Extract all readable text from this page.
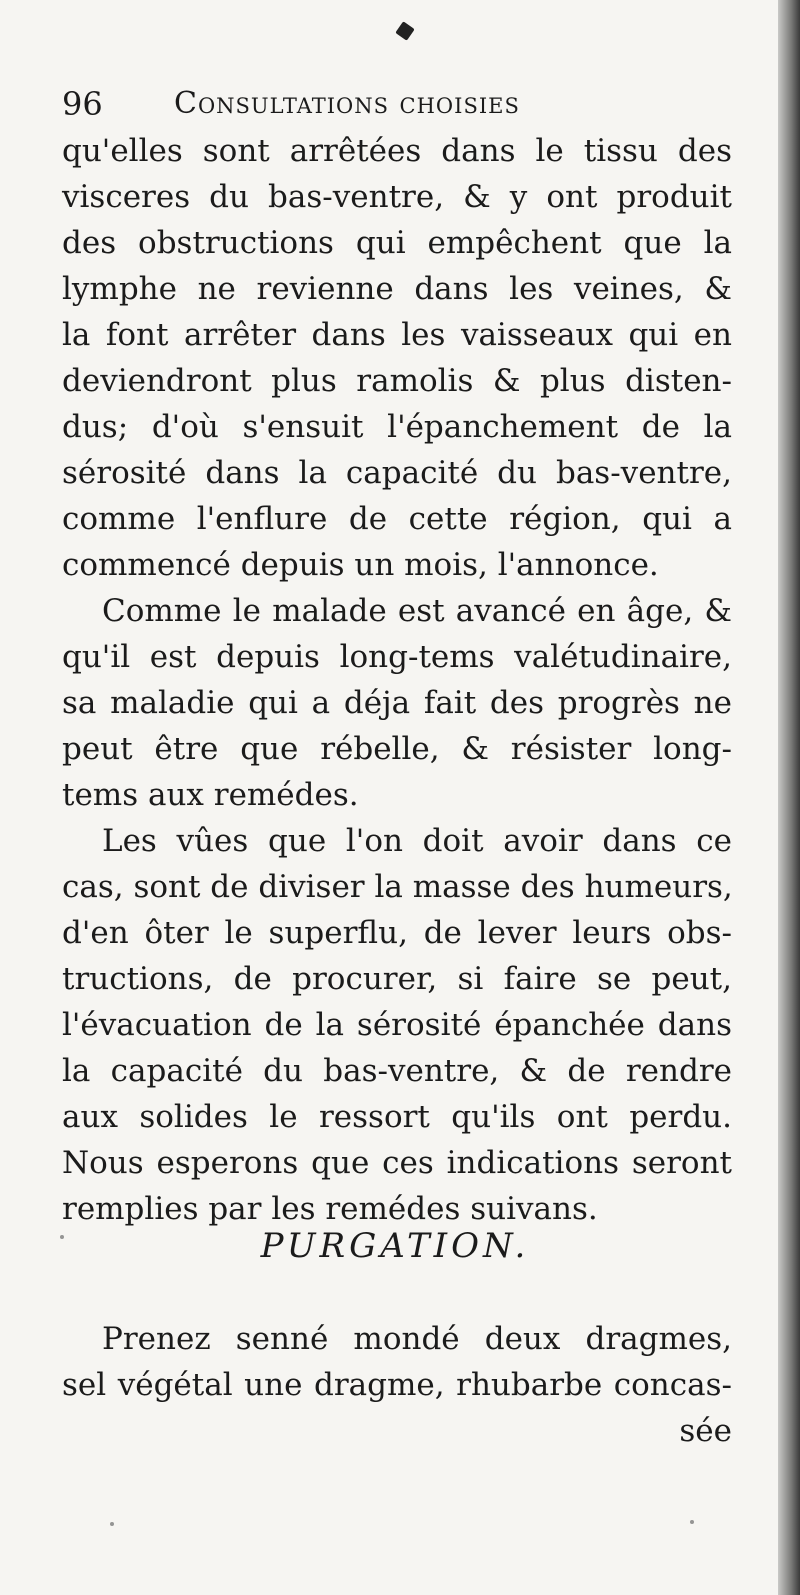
96 Consultations choisies
qu'elles sont arrêtées dans le tissu des
visceres du bas-ventre, & y ont produit
des obstructions qui empêchent que la
lymphe ne revienne dans les veines, &
la font arrêter dans les vaisseaux qui en
deviendront plus ramolis & plus disten-
dus; d'où s'ensuit l'épanchement de la
sérosité dans la capacité du bas-ventre,
comme l'enflure de cette région, qui a
commencé depuis un mois, l'annonce.
Comme le malade est avancé en âge, &
qu'il est depuis long-tems valétudinaire,
sa maladie qui a déja fait des progrès ne
peut être que rébelle, & résister long-
tems aux remédes.
Les vûes que l'on doit avoir dans ce
cas, sont de diviser la masse des humeurs,
d'en ôter le superflu, de lever leurs obs-
tructions, de procurer, si faire se peut,
l'évacuation de la sérosité épanchée dans
la capacité du bas-ventre, & de rendre
aux solides le ressort qu'ils ont perdu.
Nous esperons que ces indications seront
remplies par les remédes suivans.
PURGATION.
Prenez senné mondé deux dragmes,
sel végétal une dragme, rhubarbe concas-
sée
